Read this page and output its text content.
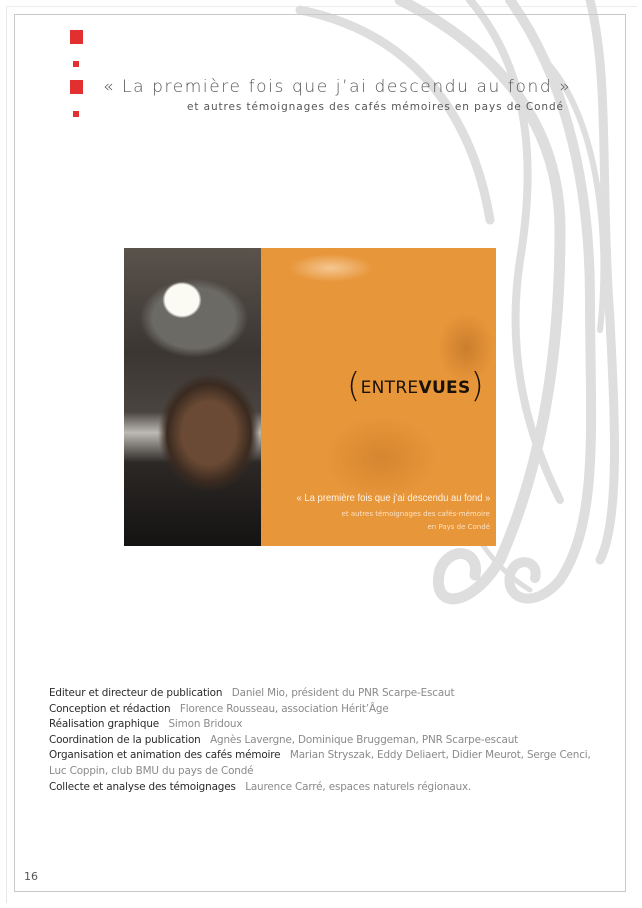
« La première fois que j’ai descendu au fond »
et autres témoignages des cafés mémoires en pays de Condé
(ENTREVUES)
« La première fois que j’ai descendu au fond »
et autres témoignages des cafés-mémoire
en Pays de Condé
Editeur et directeur de publication Daniel Mio, président du PNR Scarpe-Escaut
Conception et rédaction Florence Rousseau, association Hérit’Âge
Réalisation graphique Simon Bridoux
Coordination de la publication Agnès Lavergne, Dominique Bruggeman, PNR Scarpe-escaut
Organisation et animation des cafés mémoire Marian Stryszak, Eddy Deliaert, Didier Meurot, Serge Cenci, Luc Coppin, club BMU du pays de Condé
Collecte et analyse des témoignages Laurence Carré, espaces naturels régionaux.
16
